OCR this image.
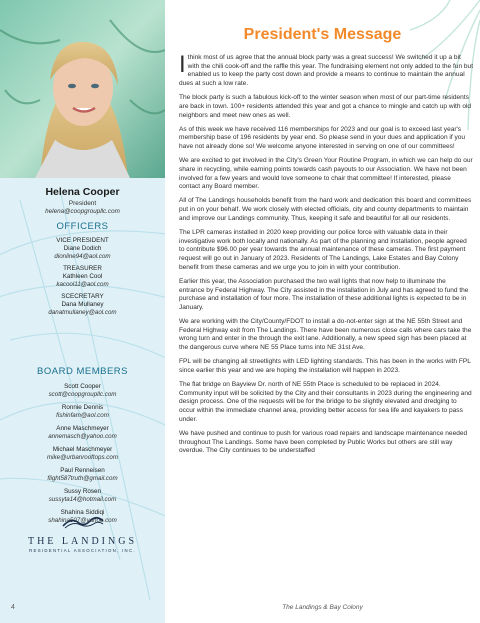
Helena Cooper
President
helena@coopgroupllc.com
OFFICERS
VICE PRESIDENT
Diane Dodich
dionline94@aol.com
TREASURER
Kathleen Cool
kacool11@aol.com
SCECRETARY
Dana Mullaney
danatmullaney@aol.com
BOARD MEMBERS
Scott Cooper
scott@coopgroupllc.com
Ronnie Dennis
fishinfam@aol.com
Anne Maschmeyer
annemasch@yahoo.com
Michael Maschmeyer
mike@urbanrooftops.com
Paul Renneisen
flight587truth@gmail.com
Sussy Rosen
sussyta14@hotmail.com
Shahina Siddiqi
shahina507@yahoo.com
THE LANDINGS
RESIDENTIAL ASSOCIATION, INC.
4
President's Message

Ithink most of us agree that the annual block party was a great success! We switched it up a bit with the chili cook-off and the raffle this year. The fundraising element not only added to the fun but enabled us to keep the party cost down and provide a means to continue to maintain the annual dues at such a low rate.

The block party is such a fabulous kick-off to the winter season when most of our part-time residents are back in town. 100+ residents attended this year and got a chance to mingle and catch up with old neighbors and meet new ones as well.

As of this week we have received 116 memberships for 2023 and our goal is to exceed last year's membership base of 196 residents by year end. So please send in your dues and application if you have not already done so! We welcome anyone interested in serving on one of our committees!

We are excited to get involved in the City's Green Your Routine Program, in which we can help do our share in recycling, while earning points towards cash payouts to our Association. We have not been involved for a few years and would love someone to chair that committee! If interested, please contact any Board member.

All of The Landings households benefit from the hard work and dedication this board and committees put in on your behalf. We work closely with elected officials, city and county departments to maintain and improve our Landings community. Thus, keeping it safe and beautiful for all our residents.

The LPR cameras installed in 2020 keep providing our police force with valuable data in their investigative work both locally and nationally. As part of the planning and installation, people agreed to contribute $96.00 per year towards the annual maintenance of these cameras. The first payment request will go out in January of 2023. Residents of The Landings, Lake Estates and Bay Colony benefit from these cameras and we urge you to join in with your contribution.

Earlier this year, the Association purchased the two wall lights that now help to illuminate the entrance by Federal Highway. The City assisted in the installation in July and has agreed to fund the purchase and installation of four more. The installation of these additional lights is expected to be in January.

We are working with the City/County/FDOT to install a do-not-enter sign at the NE 55th Street and Federal Highway exit from The Landings. There have been numerous close calls where cars take the wrong turn and enter in the through the exit lane. Additionally, a new speed sign has been placed at the dangerous curve where NE 55 Place turns into NE 31st Ave.

FPL will be changing all streetlights with LED lighting standards. This has been in the works with FPL since earlier this year and we are hoping the installation will happen in 2023.

The flat bridge on Bayview Dr. north of NE 55th Place is scheduled to be replaced in 2024. Community input will be solicited by the City and their consultants in 2023 during the engineering and design process. One of the requests will be for the bridge to be slightly elevated and dredging to occur within the immediate channel area, providing better access for sea life and kayakers to pass under.

We have pushed and continue to push for various road repairs and landscape maintenance needed throughout The Landings. Some have been completed by Public Works but others are still way overdue. The City continues to be understaffed

The Landings & Bay Colony
